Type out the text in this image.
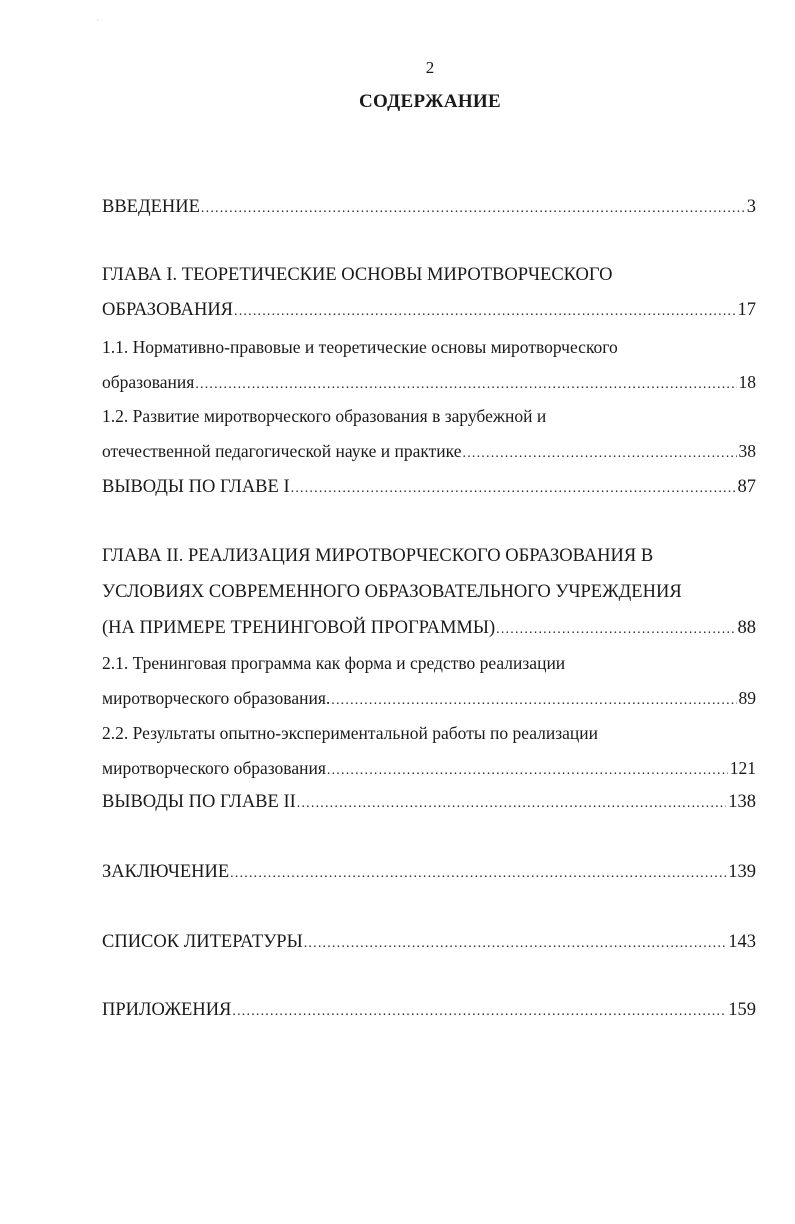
·
2
СОДЕРЖАНИЕ
ВВЕДЕНИЕ .....	3
ГЛАВА I. ТЕОРЕТИЧЕСКИЕ ОСНОВЫ МИРОТВОРЧЕСКОГО
ОБРАЗОВАНИЯ .....	17
1.1. Нормативно-правовые и теоретические основы миротворческого
образования .....	18
1.2. Развитие миротворческого образования в зарубежной и
отечественной педагогической науке и практике .....	38
ВЫВОДЫ ПО ГЛАВЕ I .....	87
ГЛАВА II. РЕАЛИЗАЦИЯ МИРОТВОРЧЕСКОГО ОБРАЗОВАНИЯ В
УСЛОВИЯХ СОВРЕМЕННОГО ОБРАЗОВАТЕЛЬНОГО УЧРЕЖДЕНИЯ
(НА ПРИМЕРЕ ТРЕНИНГОВОЙ ПРОГРАММЫ) .....	88
2.1. Тренинговая программа как форма и средство реализации
миротворческого образования. .....	89
2.2. Результаты опытно-экспериментальной работы по реализации
миротворческого образования .....	121
ВЫВОДЫ ПО ГЛАВЕ II .....	138
ЗАКЛЮЧЕНИЕ .....	139
СПИСОК ЛИТЕРАТУРЫ .....	143
ПРИЛОЖЕНИЯ .....	159
